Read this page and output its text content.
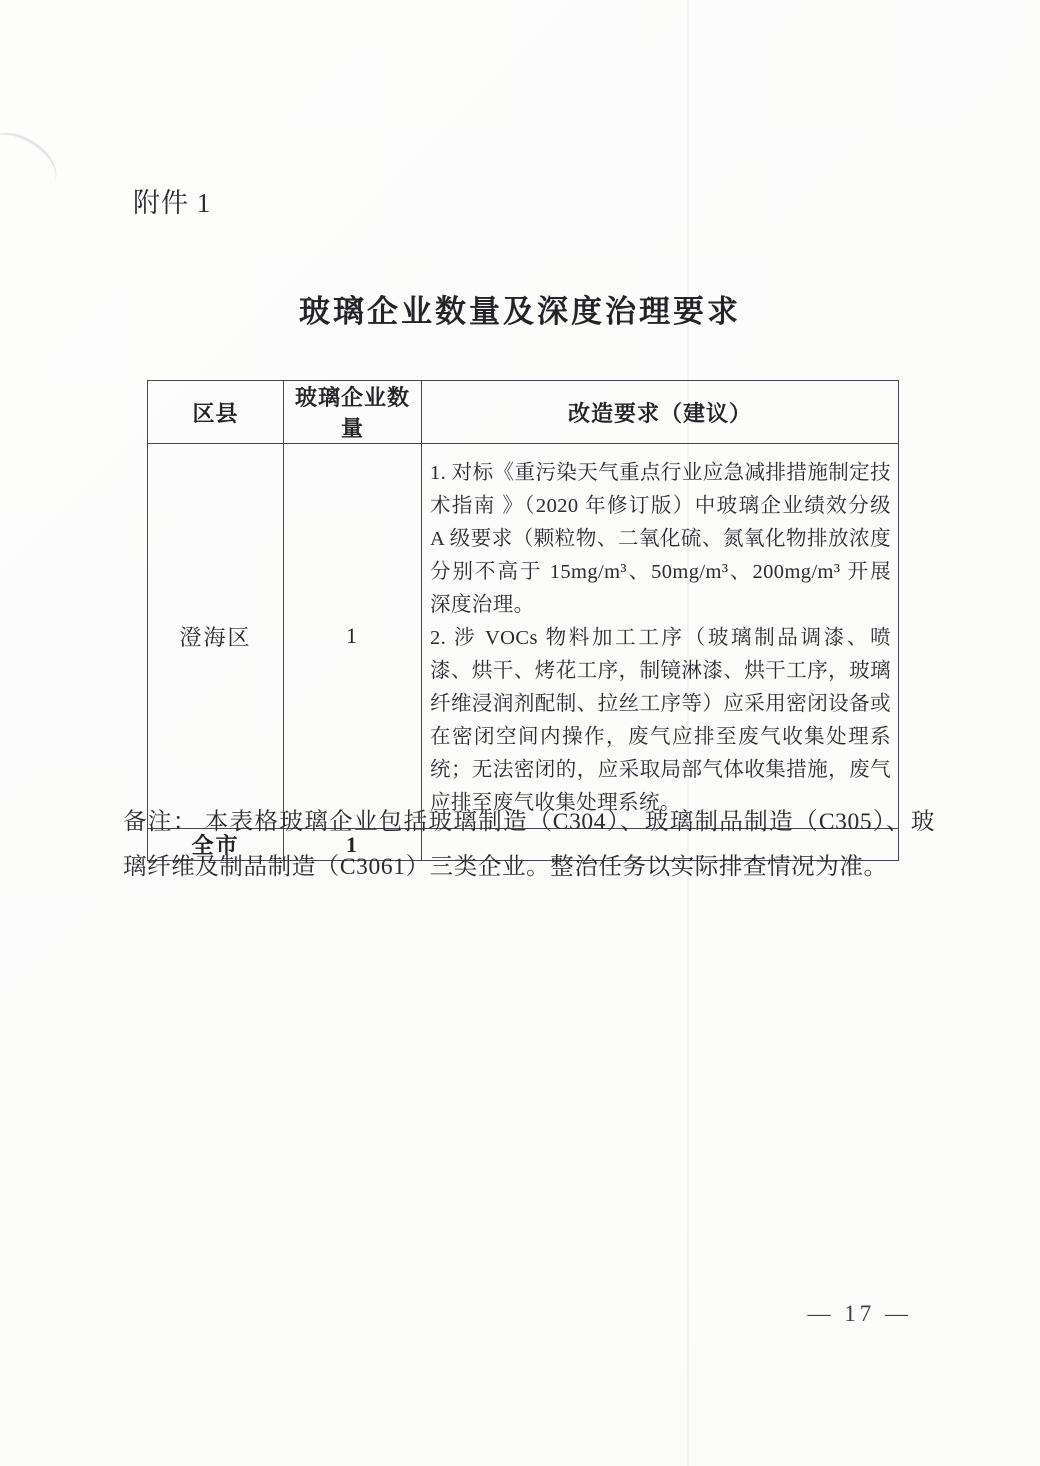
附件 1
玻璃企业数量及深度治理要求
区县	玻璃企业数量	改造要求（建议）
澄海区	1	1. 对标《重污染天气重点行业应急减排措施制定技术指南 》（2020 年修订版）中玻璃企业绩效分级 A 级要求（颗粒物、二氧化硫、氮氧化物排放浓度分别不高于 15mg/m³、50mg/m³、200mg/m³ 开展深度治理。

2. 涉 VOCs 物料加工工序（玻璃制品调漆、喷漆、烘干、烤花工序，制镜淋漆、烘干工序，玻璃纤维浸润剂配制、拉丝工序等）应采用密闭设备或在密闭空间内操作，废气应排至废气收集处理系统；无法密闭的，应采取局部气体收集措施，废气应排至废气收集处理系统。

全市	1	

备注： 本表格玻璃企业包括玻璃制造（C304）、玻璃制品制造（C305）、玻璃纤维及制品制造（C3061）三类企业。整治任务以实际排查情况为准。

— 17 —
